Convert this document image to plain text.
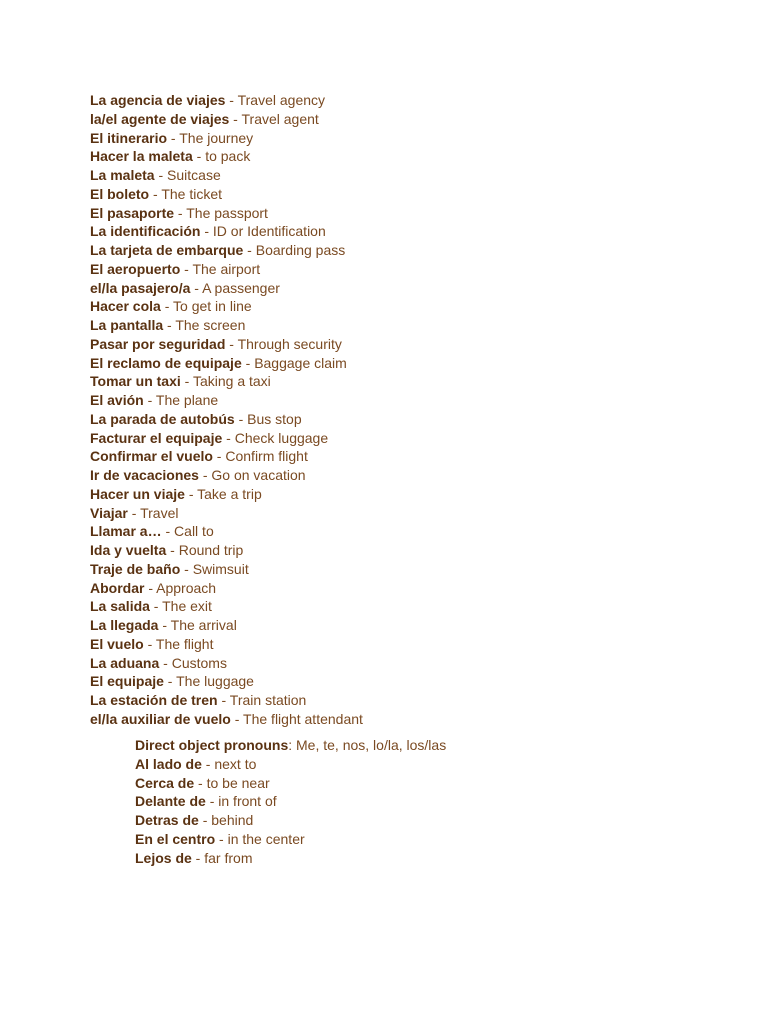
La agencia de viajes - Travel agency
la/el agente de viajes - Travel agent
El itinerario - The journey
Hacer la maleta - to pack
La maleta - Suitcase
El boleto - The ticket
El pasaporte - The passport
La identificación - ID or Identification
La tarjeta de embarque - Boarding pass
El aeropuerto - The airport
el/la pasajero/a - A passenger
Hacer cola - To get in line
La pantalla - The screen
Pasar por seguridad - Through security
El reclamo de equipaje - Baggage claim
Tomar un taxi - Taking a taxi
El avión - The plane
La parada de autobús - Bus stop
Facturar el equipaje - Check luggage
Confirmar el vuelo - Confirm flight
Ir de vacaciones - Go on vacation
Hacer un viaje - Take a trip
Viajar - Travel
Llamar a… - Call to
Ida y vuelta - Round trip
Traje de baño - Swimsuit
Abordar - Approach
La salida - The exit
La llegada - The arrival
El vuelo - The flight
La aduana - Customs
El equipaje - The luggage
La estación de tren - Train station
el/la auxiliar de vuelo - The flight attendant
Direct object pronouns: Me, te, nos, lo/la, los/las
Al lado de - next to
Cerca de - to be near
Delante de - in front of
Detras de - behind
En el centro - in the center
Lejos de - far from
